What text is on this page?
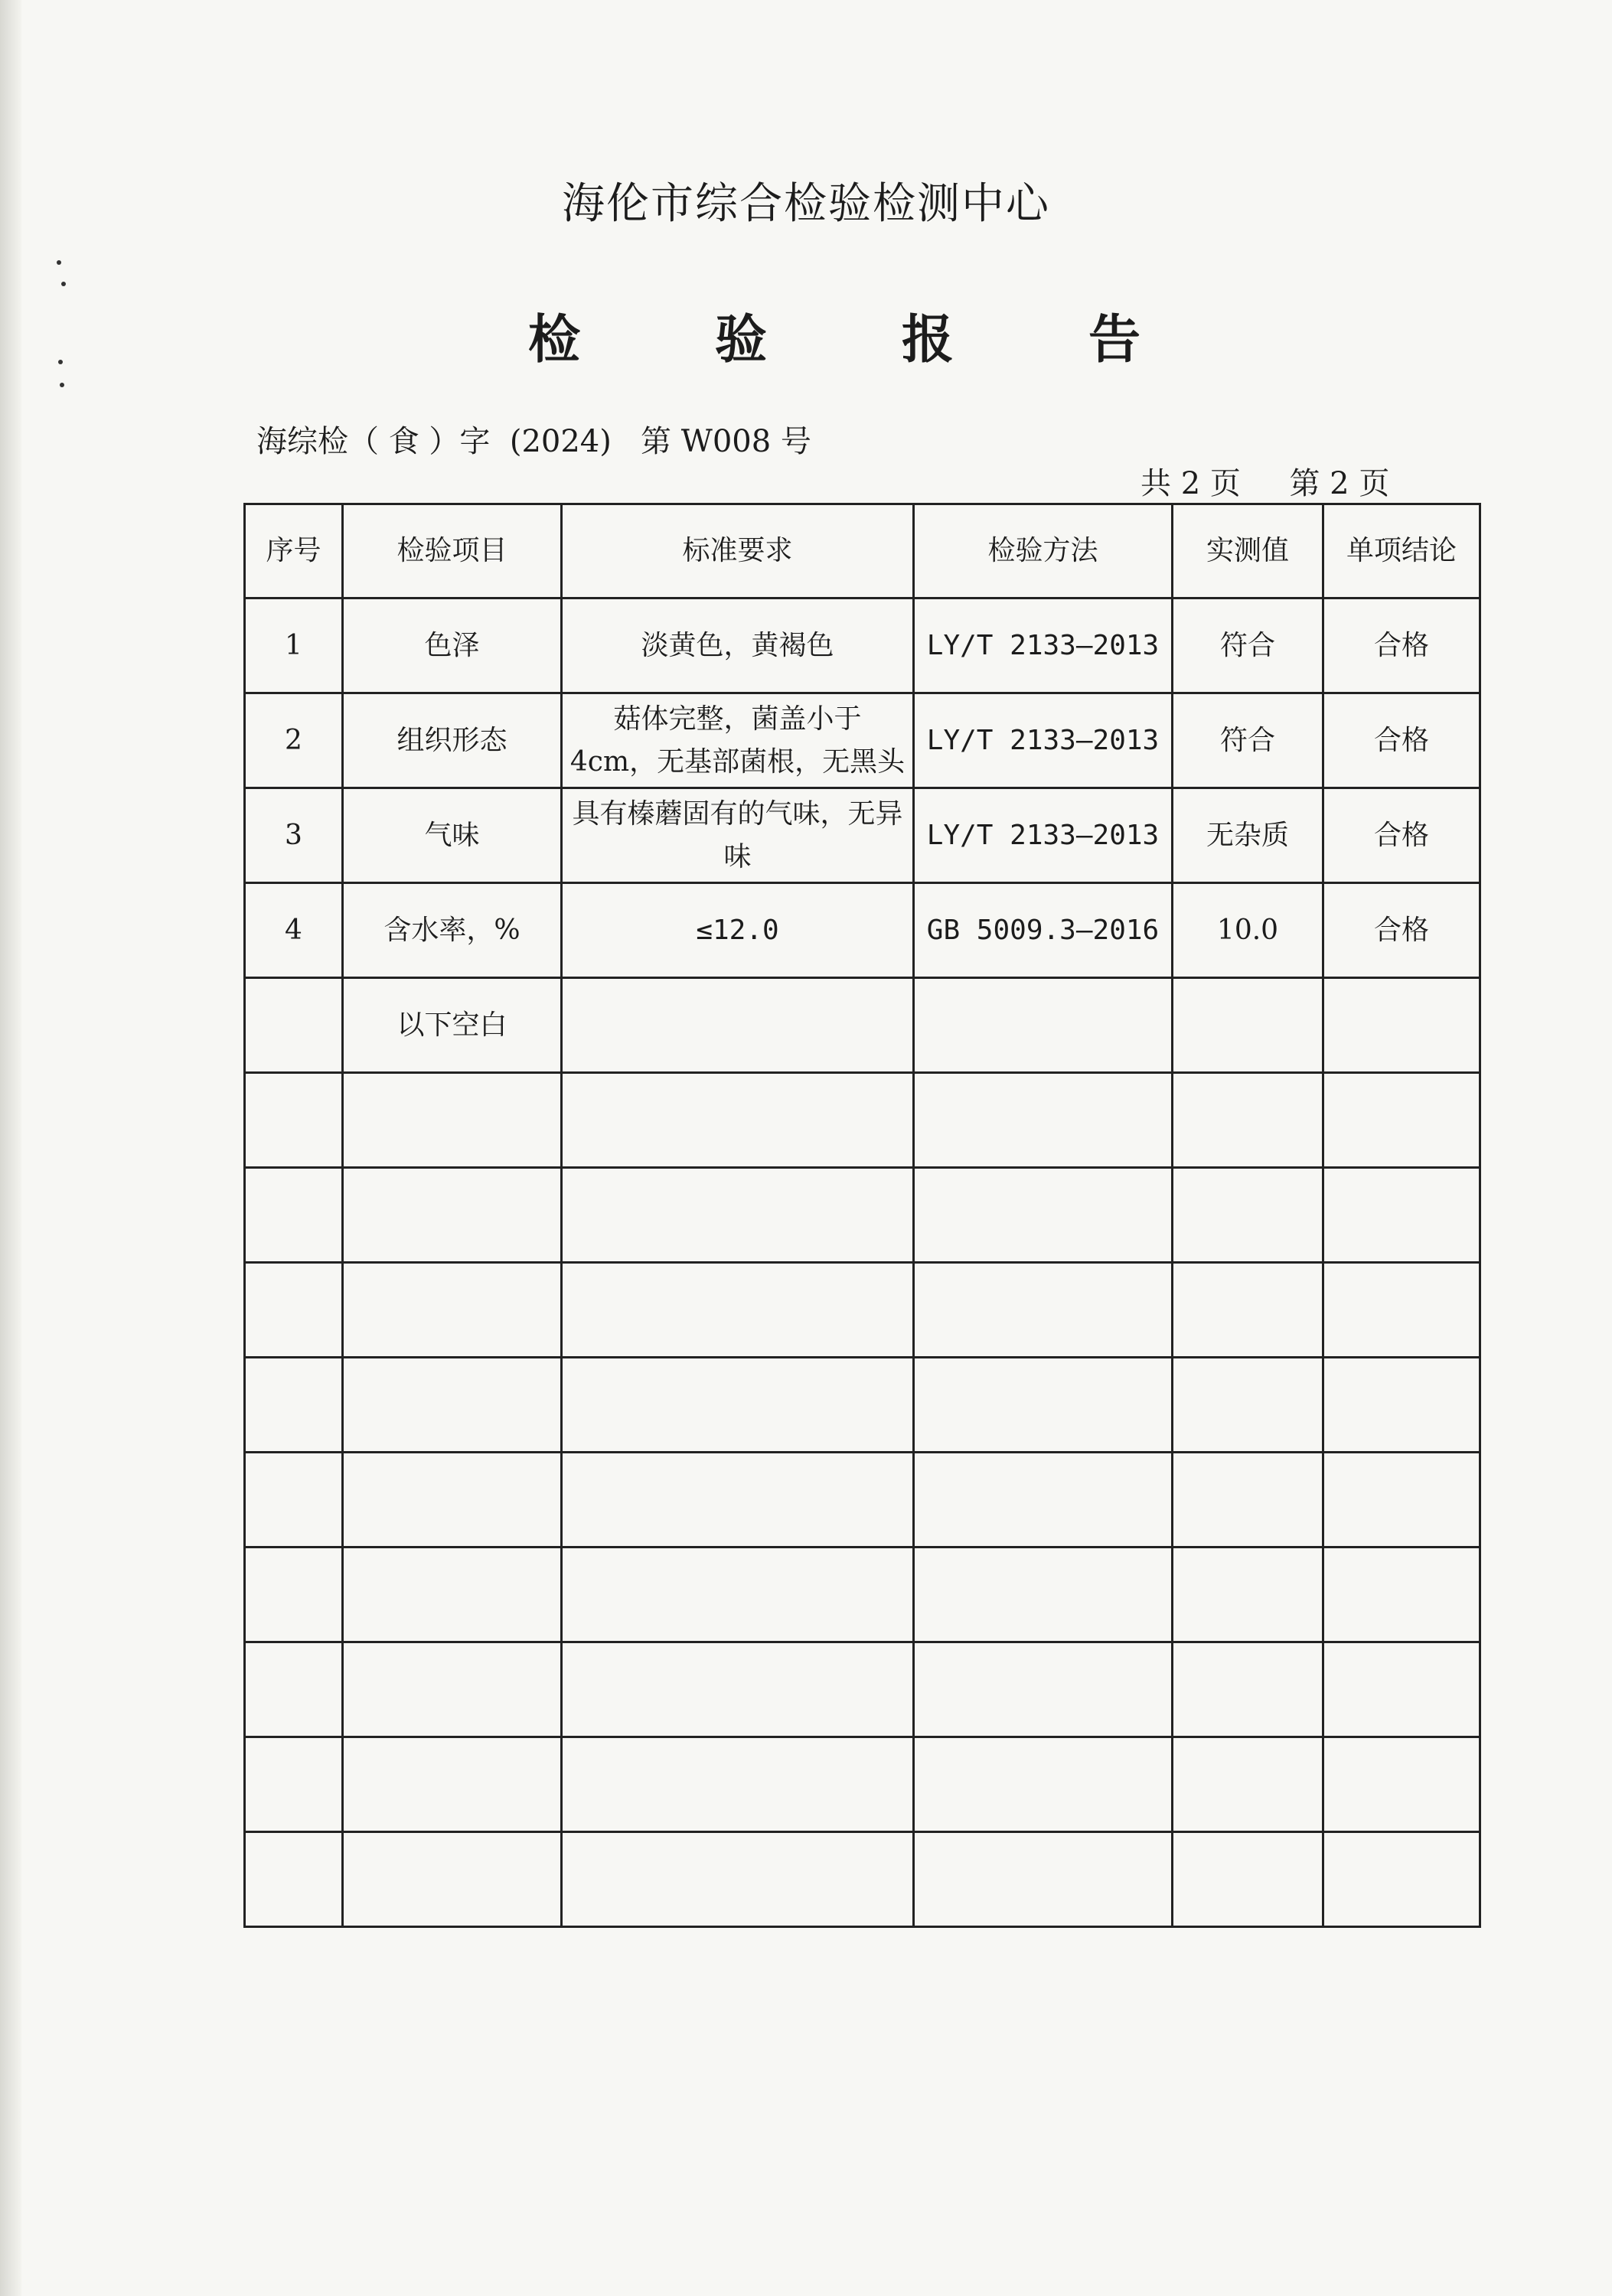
海伦市综合检验检测中心
检	验	报	告
海综检（ 食 ）字  (2024)   第 W008 号
共 2 页     第 2 页
序号	检验项目	标准要求	检验方法	实测值	单项结论
1	色泽	淡黄色，黄褐色	LY/T 2133—2013	符合	合格
2	组织形态	菇体完整，菌盖小于 4cm，无基部菌根，无黑头	LY/T 2133—2013	符合	合格
3	气味	具有榛蘑固有的气味，无异味	LY/T 2133—2013	无杂质	合格
4	含水率，%	≤12.0	GB 5009.3—2016	10.0	合格
	以下空白				
